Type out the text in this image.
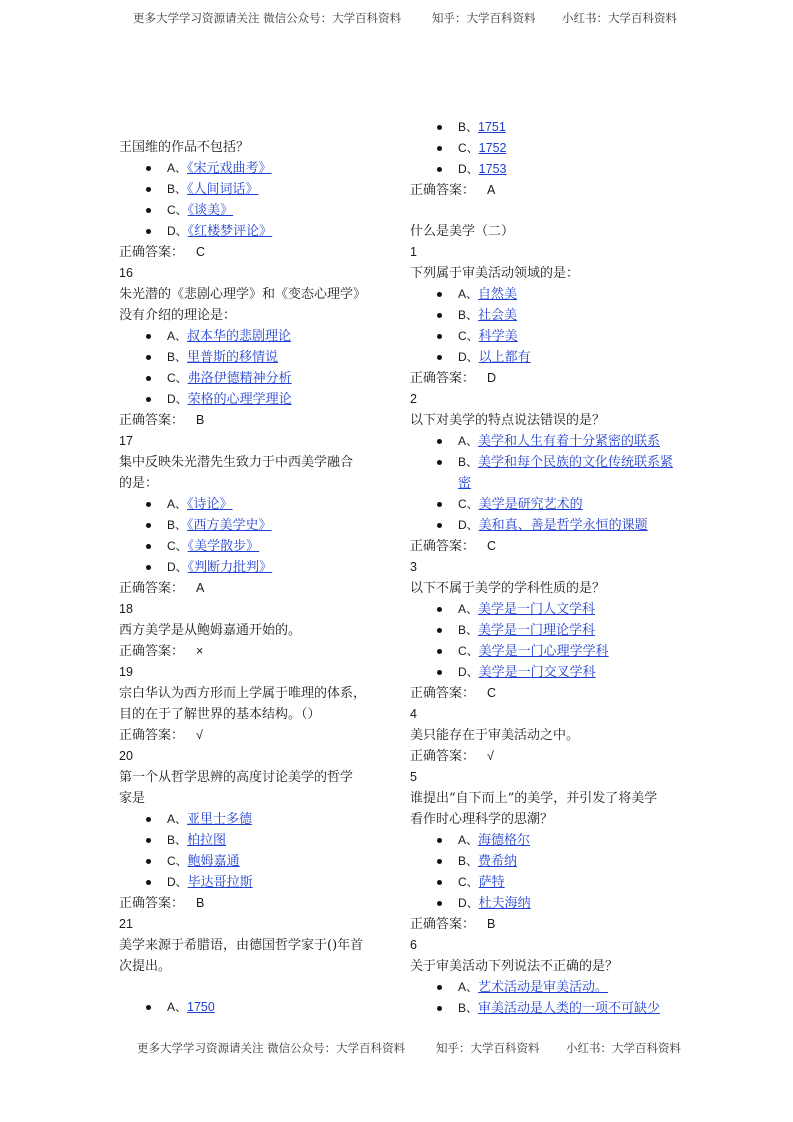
更多大学学习资源请关注 微信公众号：大学百科资料	知乎：大学百科资料 小红书：大学百科资料
王国维的作品不包括？
A、《宋元戏曲考》
B、《人间词话》
C、《谈美》
D、《红楼梦评论》
正确答案： C
16
朱光潜的《悲剧心理学》和《变态心理学》
没有介绍的理论是：
A、叔本华的悲剧理论
B、里普斯的移情说
C、弗洛伊德精神分析
D、荣格的心理学理论
正确答案： B
17
集中反映朱光潜先生致力于中西美学融合
的是：
A、《诗论》
B、《西方美学史》
C、《美学散步》
D、《判断力批判》
正确答案： A
18
西方美学是从鲍姆嘉通开始的。
正确答案： ×
19
宗白华认为西方形而上学属于唯理的体系，
目的在于了解世界的基本结构。（）
正确答案： √
20
第一个从哲学思辨的高度讨论美学的哲学
家是
A、亚里士多德
B、柏拉图
C、鲍姆嘉通
D、毕达哥拉斯
正确答案： B
21
美学来源于希腊语，由德国哲学家于()年首
次提出。
A、1750
B、1751
C、1752
D、1753
正确答案： A
什么是美学（二）
1
下列属于审美活动领域的是：
A、自然美
B、社会美
C、科学美
D、以上都有
正确答案： D
2
以下对美学的特点说法错误的是？
A、美学和人生有着十分紧密的联系
B、美学和每个民族的文化传统联系紧密
C、美学是研究艺术的
D、美和真、善是哲学永恒的课题
正确答案： C
3
以下不属于美学的学科性质的是？
A、美学是一门人文学科
B、美学是一门理论学科
C、美学是一门心理学学科
D、美学是一门交叉学科
正确答案： C
4
美只能存在于审美活动之中。
正确答案： √
5
谁提出“自下而上”的美学，并引发了将美学
看作时心理科学的思潮？
A、海德格尔
B、费希纳
C、萨特
D、杜夫海纳
正确答案： B
6
关于审美活动下列说法不正确的是？
A、艺术活动是审美活动。
B、审美活动是人类的一项不可缺少
更多大学学习资源请关注 微信公众号：大学百科资料	知乎：大学百科资料 小红书：大学百科资料
